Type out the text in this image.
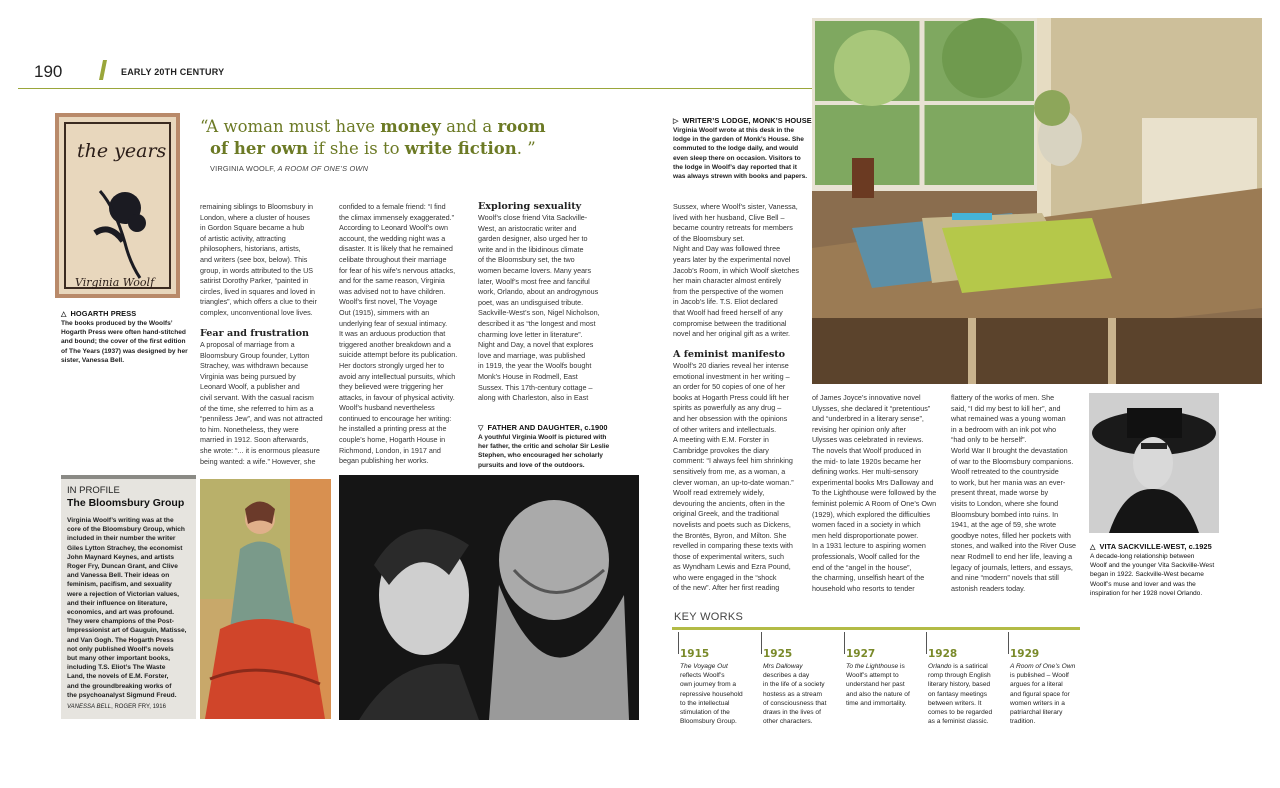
190	EARLY 20TH CENTURY
the years
Virginia Woolf
△ HOGARTH PRESS
The books produced by the Woolfs’
Hogarth Press were often hand-stitched
and bound; the cover of the first edition
of The Years (1937) was designed by her
sister, Vanessa Bell.
“A woman must have money and a room
of her own if she is to write fiction. ”
VIRGINIA WOOLF, A ROOM OF ONE’S OWN
remaining siblings to Bloomsbury in
London, where a cluster of houses
in Gordon Square became a hub
of artistic activity, attracting
philosophers, historians, artists,
and writers (see box, below). This
group, in words attributed to the US
satirist Dorothy Parker, “painted in
circles, lived in squares and loved in
triangles”, which offers a clue to their
complex, unconventional love lives.
Fear and frustration
A proposal of marriage from a
Bloomsbury Group founder, Lytton
Strachey, was withdrawn because
Virginia was being pursued by
Leonard Woolf, a publisher and
civil servant. With the casual racism
of the time, she referred to him as a
“penniless Jew”, and was not attracted
to him. Nonetheless, they were
married in 1912. Soon afterwards,
she wrote: “... it is enormous pleasure
being wanted: a wife.” However, she
confided to a female friend: “I find
the climax immensely exaggerated.”
According to Leonard Woolf’s own
account, the wedding night was a
disaster. It is likely that he remained
celibate throughout their marriage
for fear of his wife’s nervous attacks,
and for the same reason, Virginia
was advised not to have children.
Woolf’s first novel, The Voyage
Out (1915), simmers with an
underlying fear of sexual intimacy.
It was an arduous production that
triggered another breakdown and a
suicide attempt before its publication.
Her doctors strongly urged her to
avoid any intellectual pursuits, which
they believed were triggering her
attacks, in favour of physical activity.
Woolf’s husband nevertheless
continued to encourage her writing:
he installed a printing press at the
couple’s home, Hogarth House in
Richmond, London, in 1917 and
began publishing her works.
Exploring sexuality
Woolf’s close friend Vita Sackville-
West, an aristocratic writer and
garden designer, also urged her to
write and in the libidinous climate
of the Bloomsbury set, the two
women became lovers. Many years
later, Woolf’s most free and fanciful
work, Orlando, about an androgynous
poet, was an undisguised tribute.
Sackville-West’s son, Nigel Nicholson,
described it as “the longest and most
charming love letter in literature”.
Night and Day, a novel that explores
love and marriage, was published
in 1919, the year the Woolfs bought
Monk’s House in Rodmell, East
Sussex. This 17th-century cottage –
along with Charleston, also in East
▽ FATHER AND DAUGHTER, c.1900
A youthful Virginia Woolf is pictured with
her father, the critic and scholar Sir Leslie
Stephen, who encouraged her scholarly
pursuits and love of the outdoors.
▷ WRITER’S LODGE, MONK’S HOUSE
Virginia Woolf wrote at this desk in the
lodge in the garden of Monk’s House. She
commuted to the lodge daily, and would
even sleep there on occasion. Visitors to
the lodge in Woolf’s day reported that it
was always strewn with books and papers.
Sussex, where Woolf’s sister, Vanessa,
lived with her husband, Clive Bell –
became country retreats for members
of the Bloomsbury set.
Night and Day was followed three
years later by the experimental novel
Jacob’s Room, in which Woolf sketches
her main character almost entirely
from the perspective of the women
in Jacob’s life. T.S. Eliot declared
that Woolf had freed herself of any
compromise between the traditional
novel and her original gift as a writer.
A feminist manifesto
Woolf’s 20 diaries reveal her intense
emotional investment in her writing –
an order for 50 copies of one of her
books at Hogarth Press could lift her
spirits as powerfully as any drug –
and her obsession with the opinions
of other writers and intellectuals.
A meeting with E.M. Forster in
Cambridge provokes the diary
comment: “I always feel him shrinking
sensitively from me, as a woman, a
clever woman, an up-to-date woman.”
Woolf read extremely widely,
devouring the ancients, often in the
original Greek, and the traditional
novelists and poets such as Dickens,
the Brontës, Byron, and Milton. She
revelled in comparing these texts with
those of experimental writers, such
as Wyndham Lewis and Ezra Pound,
who were engaged in the “shock
of the new”. After her first reading
of James Joyce’s innovative novel
Ulysses, she declared it “pretentious”
and “underbred in a literary sense”,
revising her opinion only after
Ulysses was celebrated in reviews.
The novels that Woolf produced in
the mid- to late 1920s became her
defining works. Her multi-sensory
experimental books Mrs Dalloway and
To the Lighthouse were followed by the
feminist polemic A Room of One’s Own
(1929), which explored the difficulties
women faced in a society in which
men held disproportionate power.
In a 1931 lecture to aspiring women
professionals, Woolf called for the
end of the “angel in the house”,
the charming, unselfish heart of the
household who resorts to tender
flattery of the works of men. She
said, “I did my best to kill her”, and
what remained was a young woman
in a bedroom with an ink pot who
“had only to be herself”.
World War II brought the devastation
of war to the Bloomsbury companions.
Woolf retreated to the countryside
to work, but her mania was an ever-
present threat, made worse by
visits to London, where she found
Bloomsbury bombed into ruins. In
1941, at the age of 59, she wrote
goodbye notes, filled her pockets with
stones, and walked into the River Ouse
near Rodmell to end her life, leaving a
legacy of journals, letters, and essays,
and nine “modern” novels that still
astonish readers today.
△ VITA SACKVILLE-WEST, c.1925
A decade-long relationship between
Woolf and the younger Vita Sackville-West
began in 1922. Sackville-West became
Woolf’s muse and lover and was the
inspiration for her 1928 novel Orlando.
IN PROFILE
The Bloomsbury Group
Virginia Woolf’s writing was at the
core of the Bloomsbury Group, which
included in their number the writer
Giles Lytton Strachey, the economist
John Maynard Keynes, and artists
Roger Fry, Duncan Grant, and Clive
and Vanessa Bell. Their ideas on
feminism, pacifism, and sexuality
were a rejection of Victorian values,
and their influence on literature,
economics, and art was profound.
They were champions of the Post-
Impressionist art of Gauguin, Matisse,
and Van Gogh. The Hogarth Press
not only published Woolf’s novels
but many other important books,
including T.S. Eliot’s The Waste
Land, the novels of E.M. Forster,
and the groundbreaking works of
the psychoanalyst Sigmund Freud.
VANESSA BELL, ROGER FRY, 1916
KEY WORKS
1915
The Voyage Out
reflects Woolf’s
own journey from a
repressive household
to the intellectual
stimulation of the
Bloomsbury Group.
1925
Mrs Dalloway
describes a day
in the life of a society
hostess as a stream
of consciousness that
draws in the lives of
other characters.
1927
To the Lighthouse is
Woolf’s attempt to
understand her past
and also the nature of
time and immortality.
1928
Orlando is a satirical
romp through English
literary history, based
on fantasy meetings
between writers. It
comes to be regarded
as a feminist classic.
1929
A Room of One’s Own
is published – Woolf
argues for a literal
and figural space for
women writers in a
patriarchal literary
tradition.
